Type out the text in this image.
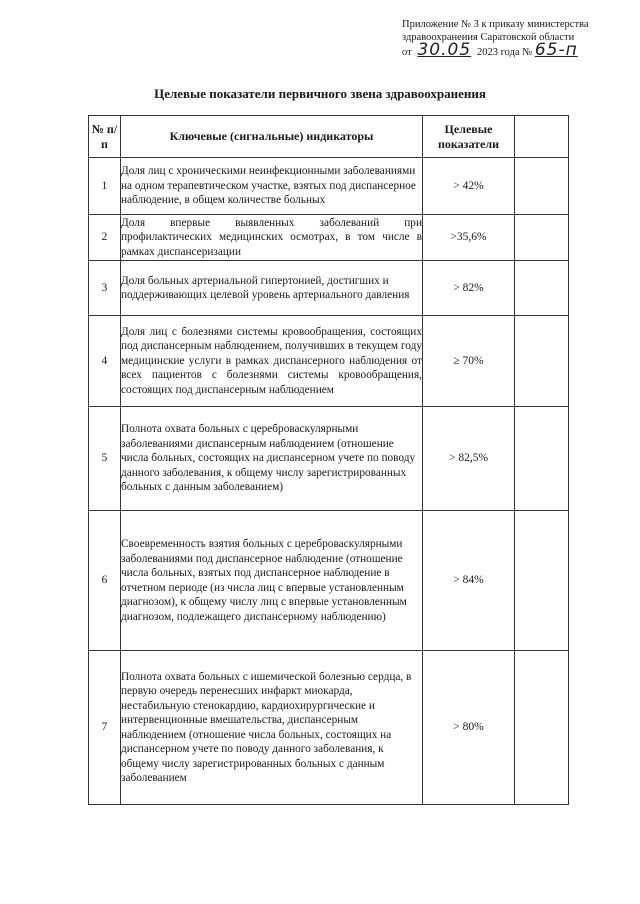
Приложение № 3 к приказу министерства
здравоохранения Саратовской области
от 30.05 2023 года № 65-п
Целевые показатели первичного звена здравоохранения
№ п/п	Ключевые (сигнальные) индикаторы	Целевые показатели	
1	Доля лиц с хроническими неинфекционными заболеваниями на одном терапевтическом участке, взятых под диспансерное наблюдение, в общем количестве больных	> 42%	
2	Доля впервые выявленных заболеваний при профилактических медицинских осмотрах, в том числе в рамках диспансеризации	>35,6%	
3	Доля больных артериальной гипертонией, достигших и поддерживающих целевой уровень артериального давления	> 82%	
4	Доля лиц с болезнями системы кровообращения, состоящих под диспансерным наблюдением, получивших в текущем году медицинские услуги в рамках диспансерного наблюдения от всех пациентов с болезнями системы кровообращения, состоящих под диспансерным наблюдением	≥ 70%	
5	Полнота охвата больных с цереброваскулярными заболеваниями диспансерным наблюдением (отношение числа больных, состоящих на диспансерном учете по поводу данного заболевания, к общему числу зарегистрированных больных с данным заболеванием)	> 82,5%	
6	Своевременность взятия больных с цереброваскулярными заболеваниями под диспансерное наблюдение (отношение числа больных, взятых под диспансерное наблюдение в отчетном периоде (из числа лиц с впервые установленным диагнозом), к общему числу лиц с впервые установленным диагнозом, подлежащего диспансерному наблюдению)	> 84%	
7	Полнота охвата больных с ишемической болезнью сердца, в первую очередь перенесших инфаркт миокарда, нестабильную стенокардию, кардиохирургические и интервенционные вмешательства, диспансерным наблюдением (отношение числа больных, состоящих на диспансерном учете по поводу данного заболевания, к общему числу зарегистрированных больных с данным заболеванием	> 80%	
